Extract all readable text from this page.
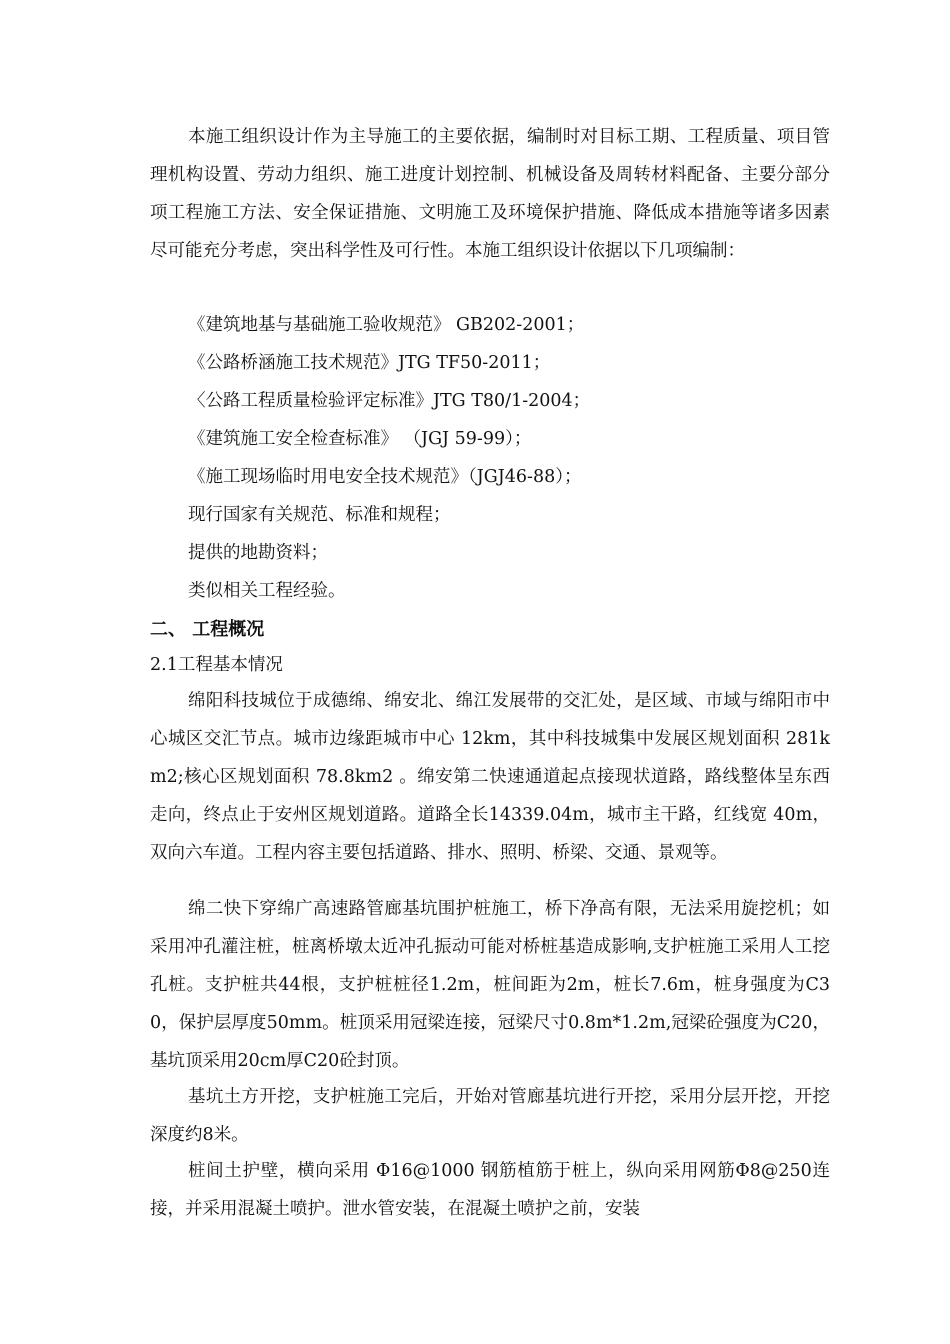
本施工组织设计作为主导施工的主要依据，编制时对目标工期、工程质量、项目管理机构设置、劳动力组织、施工进度计划控制、机械设备及周转材料配备、主要分部分项工程施工方法、安全保证措施、文明施工及环境保护措施、降低成本措施等诸多因素尽可能充分考虑，突出科学性及可行性。本施工组织设计依据以下几项编制：

《建筑地基与基础施工验收规范》 GB202-2001；

《公路桥涵施工技术规范》JTG TF50-2011；

〈公路工程质量检验评定标准》JTG T80/1-2004；

《建筑施工安全检查标准》 （JGJ 59-99）；

《施工现场临时用电安全技术规范》（JGJ46-88）；

现行国家有关规范、标准和规程；

提供的地勘资料；

类似相关工程经验。

二、 工程概况

2.1工程基本情况

绵阳科技城位于成德绵、绵安北、绵江发展带的交汇处，是区域、市域与绵阳市中心城区交汇节点。城市边缘距城市中心 12km，其中科技城集中发展区规划面积 281km2;核心区规划面积 78.8km2 。绵安第二快速通道起点接现状道路，路线整体呈东西走向，终点止于安州区规划道路。道路全长14339.04m，城市主干路，红线宽 40m，双向六车道。工程内容主要包括道路、排水、照明、桥梁、交通、景观等。

绵二快下穿绵广高速路管廊基坑围护桩施工，桥下净高有限，无法采用旋挖机；如采用冲孔灌注桩，桩离桥墩太近冲孔振动可能对桥桩基造成影响,支护桩施工采用人工挖孔桩。支护桩共44根，支护桩桩径1.2m，桩间距为2m，桩长7.6m，桩身强度为C30，保护层厚度50mm。桩顶采用冠梁连接，冠梁尺寸0.8m*1.2m,冠梁砼强度为C20，基坑顶采用20cm厚C20砼封顶。

基坑土方开挖，支护桩施工完后，开始对管廊基坑进行开挖，采用分层开挖，开挖深度约8米。

桩间土护壁，横向采用 Φ16@1000 钢筋植筋于桩上，纵向采用网筋Φ8@250连接，并采用混凝土喷护。泄水管安装，在混凝土喷护之前，安装
